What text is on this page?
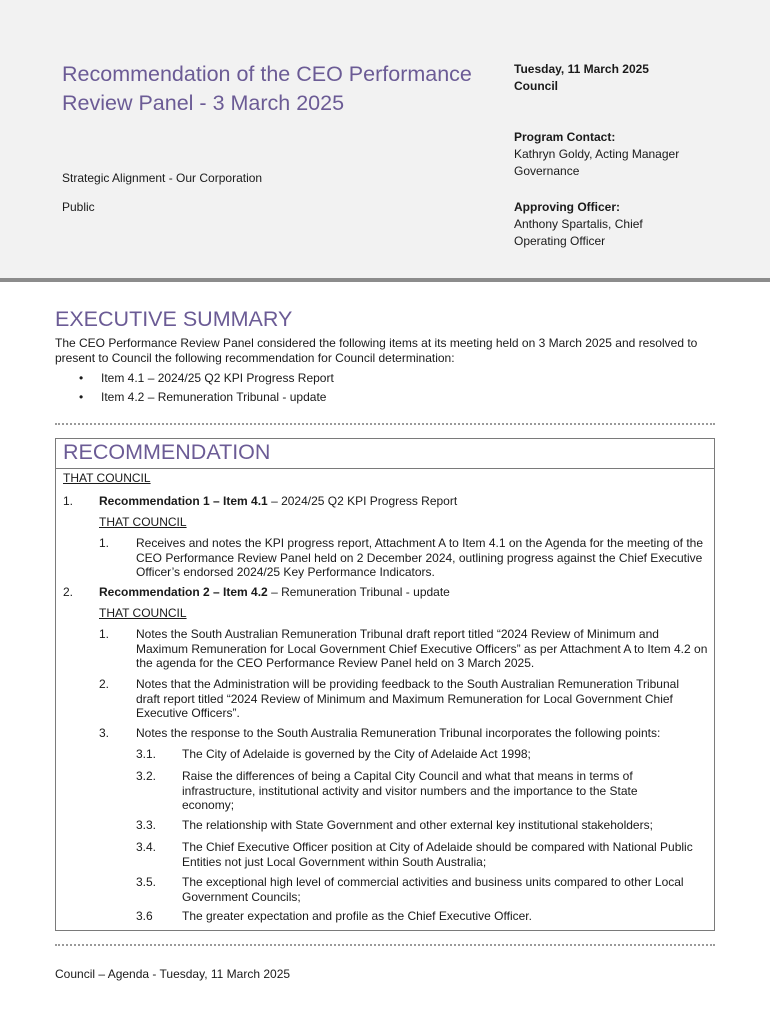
Recommendation of the CEO Performance Review Panel - 3 March 2025
Strategic Alignment - Our Corporation
Public
Tuesday, 11 March 2025
Council
Program Contact:
Kathryn Goldy, Acting Manager Governance
Approving Officer:
Anthony Spartalis, Chief Operating Officer
EXECUTIVE SUMMARY

The CEO Performance Review Panel considered the following items at its meeting held on 3 March 2025 and resolved to present to Council the following recommendation for Council determination:

• Item 4.1 – 2024/25 Q2 KPI Progress Report
• Item 4.2 – Remuneration Tribunal - update
RECOMMENDATION
THAT COUNCIL
1. Recommendation 1 – Item 4.1 – 2024/25 Q2 KPI Progress Report
THAT COUNCIL
1. Receives and notes the KPI progress report, Attachment A to Item 4.1 on the Agenda for the meeting of the CEO Performance Review Panel held on 2 December 2024, outlining progress against the Chief Executive Officer’s endorsed 2024/25 Key Performance Indicators.
2. Recommendation 2 – Item 4.2 – Remuneration Tribunal - update
THAT COUNCIL
1. Notes the South Australian Remuneration Tribunal draft report titled “2024 Review of Minimum and Maximum Remuneration for Local Government Chief Executive Officers” as per Attachment A to Item 4.2 on the agenda for the CEO Performance Review Panel held on 3 March 2025.
2. Notes that the Administration will be providing feedback to the South Australian Remuneration Tribunal draft report titled “2024 Review of Minimum and Maximum Remuneration for Local Government Chief Executive Officers”.
3. Notes the response to the South Australia Remuneration Tribunal incorporates the following points:
3.1. The City of Adelaide is governed by the City of Adelaide Act 1998;
3.2. Raise the differences of being a Capital City Council and what that means in terms of infrastructure, institutional activity and visitor numbers and the importance to the State economy;
3.3. The relationship with State Government and other external key institutional stakeholders;
3.4. The Chief Executive Officer position at City of Adelaide should be compared with National Public Entities not just Local Government within South Australia;
3.5. The exceptional high level of commercial activities and business units compared to other Local Government Councils;
3.6 The greater expectation and profile as the Chief Executive Officer.
Council – Agenda - Tuesday, 11 March 2025
